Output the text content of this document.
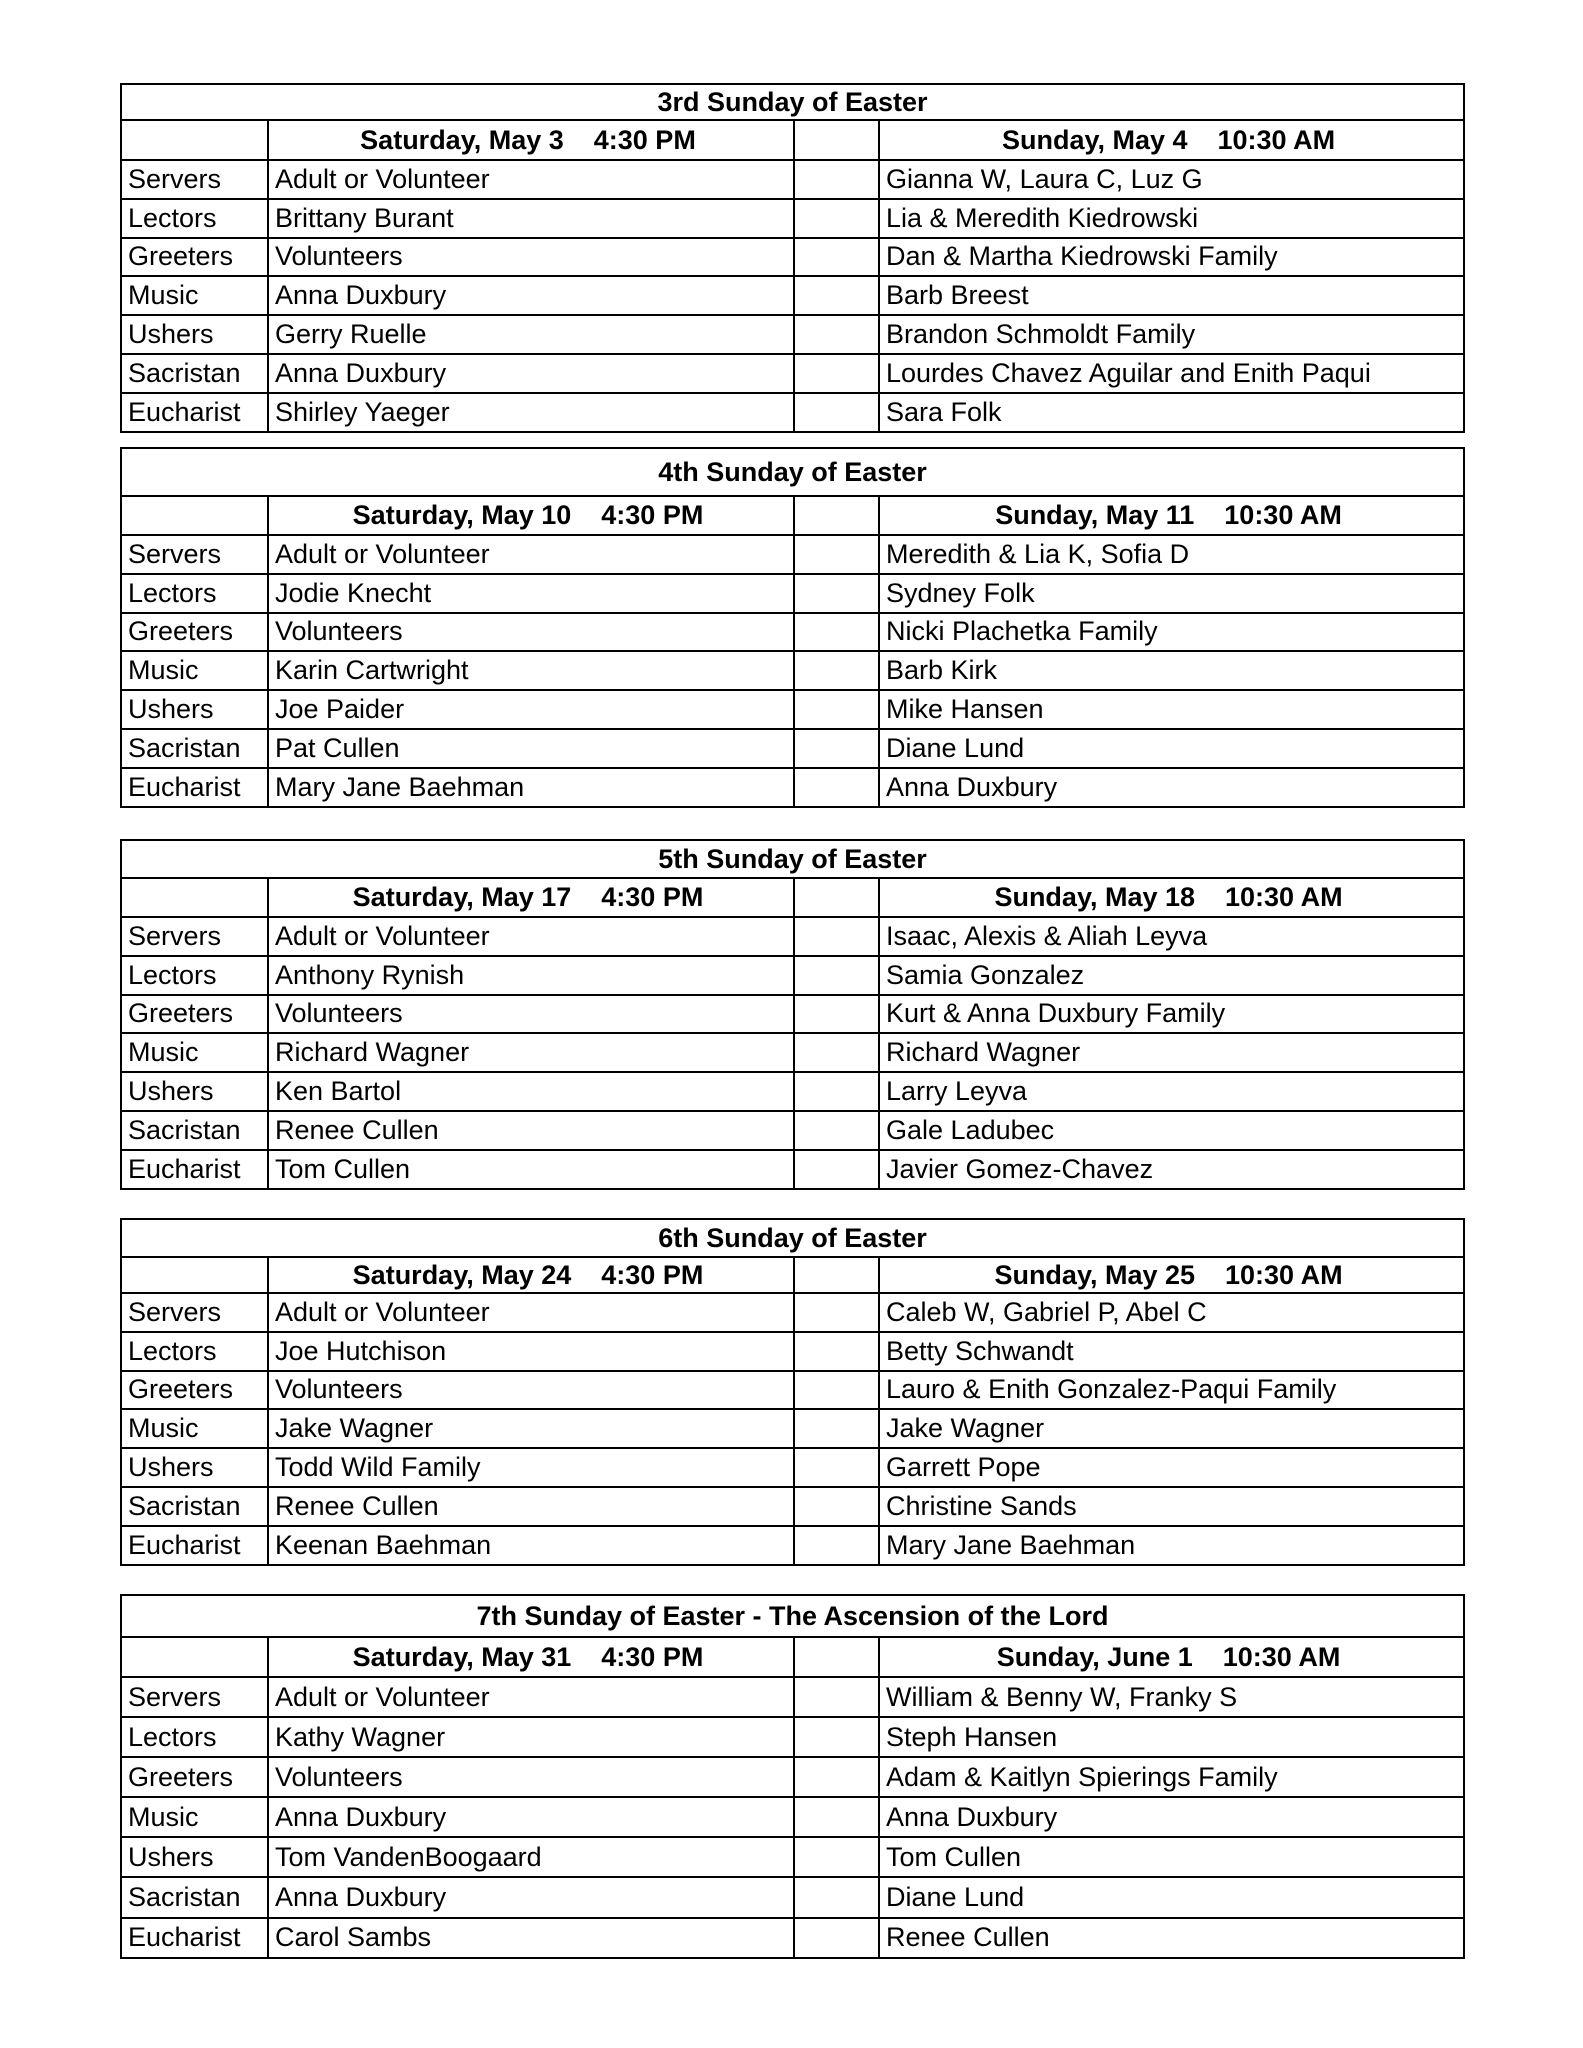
3rd Sunday of Easter			
	Saturday, May 3 4:30 PM		Sunday, May 4 10:30 AM
Servers	Adult or Volunteer		Gianna W, Laura C, Luz G
Lectors	Brittany Burant		Lia & Meredith Kiedrowski
Greeters	Volunteers		Dan & Martha Kiedrowski Family
Music	Anna Duxbury		Barb Breest
Ushers	Gerry Ruelle		Brandon Schmoldt Family
Sacristan	Anna Duxbury		Lourdes Chavez Aguilar and Enith Paqui
Eucharist	Shirley Yaeger		Sara Folk
4th Sunday of Easter			
	Saturday, May 10 4:30 PM		Sunday, May 11 10:30 AM
Servers	Adult or Volunteer		Meredith & Lia K, Sofia D
Lectors	Jodie Knecht		Sydney Folk
Greeters	Volunteers		Nicki Plachetka Family
Music	Karin Cartwright		Barb Kirk
Ushers	Joe Paider		Mike Hansen
Sacristan	Pat Cullen		Diane Lund
Eucharist	Mary Jane Baehman		Anna Duxbury
5th Sunday of Easter			
	Saturday, May 17 4:30 PM		Sunday, May 18 10:30 AM
Servers	Adult or Volunteer		Isaac, Alexis & Aliah Leyva
Lectors	Anthony Rynish		Samia Gonzalez
Greeters	Volunteers		Kurt & Anna Duxbury Family
Music	Richard Wagner		Richard Wagner
Ushers	Ken Bartol		Larry Leyva
Sacristan	Renee Cullen		Gale Ladubec
Eucharist	Tom Cullen		Javier Gomez-Chavez
6th Sunday of Easter			
	Saturday, May 24 4:30 PM		Sunday, May 25 10:30 AM
Servers	Adult or Volunteer		Caleb W, Gabriel P, Abel C
Lectors	Joe Hutchison		Betty Schwandt
Greeters	Volunteers		Lauro & Enith Gonzalez-Paqui Family
Music	Jake Wagner		Jake Wagner
Ushers	Todd Wild Family		Garrett Pope
Sacristan	Renee Cullen		Christine Sands
Eucharist	Keenan Baehman		Mary Jane Baehman
7th Sunday of Easter - The Ascension of the Lord			
	Saturday, May 31 4:30 PM		Sunday, June 1 10:30 AM
Servers	Adult or Volunteer		William & Benny W, Franky S
Lectors	Kathy Wagner		Steph Hansen
Greeters	Volunteers		Adam & Kaitlyn Spierings Family
Music	Anna Duxbury		Anna Duxbury
Ushers	Tom VandenBoogaard		Tom Cullen
Sacristan	Anna Duxbury		Diane Lund
Eucharist	Carol Sambs		Renee Cullen
